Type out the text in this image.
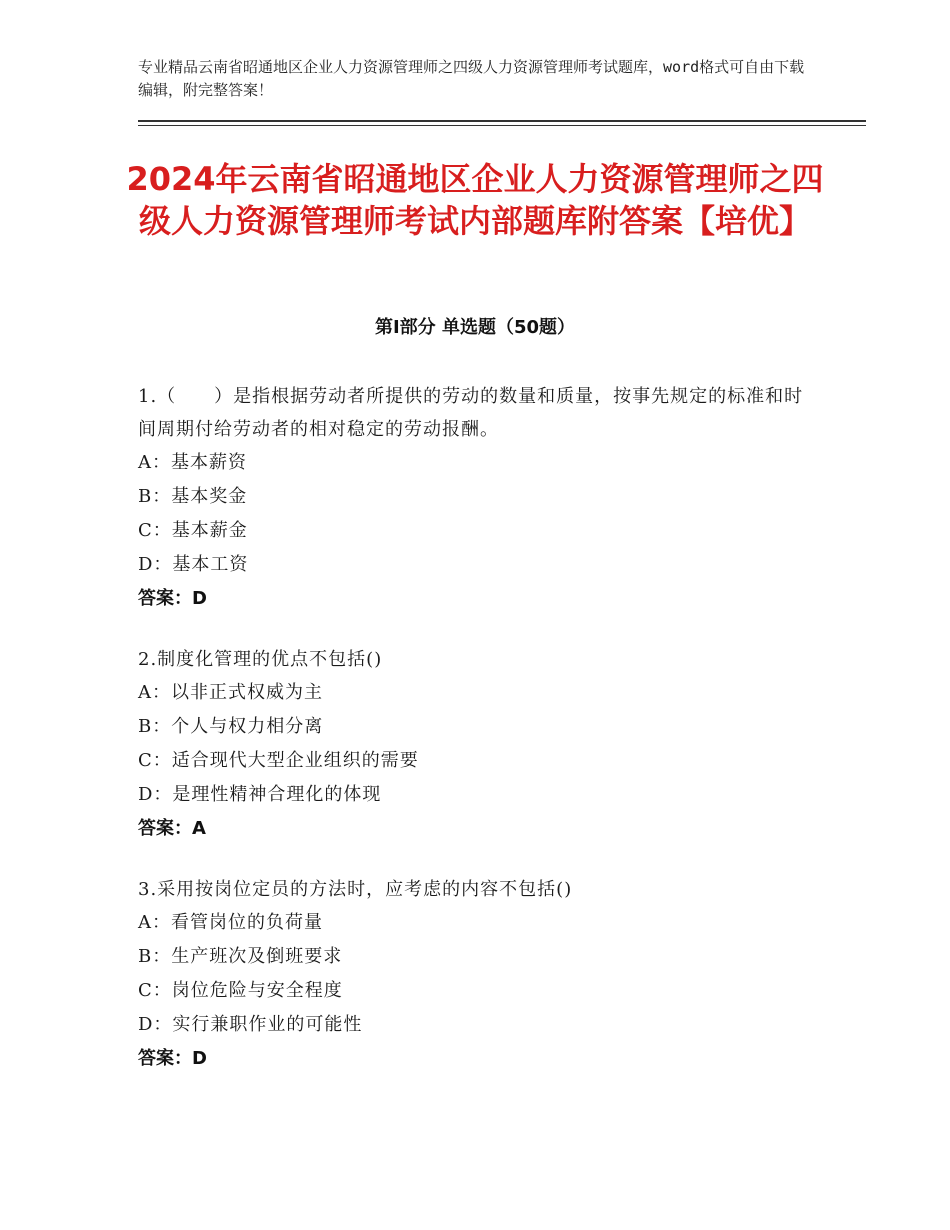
专业精品云南省昭通地区企业人力资源管理师之四级人力资源管理师考试题库，word格式可自由下载编辑，附完整答案！
2024年云南省昭通地区企业人力资源管理师之四级人力资源管理师考试内部题库附答案【培优】
第Ⅰ部分 单选题（50题）

1.（　　）是指根据劳动者所提供的劳动的数量和质量，按事先规定的标准和时间周期付给劳动者的相对稳定的劳动报酬。

A：基本薪资

B：基本奖金

C：基本薪金

D：基本工资

答案：D

2.制度化管理的优点不包括()

A：以非正式权威为主

B：个人与权力相分离

C：适合现代大型企业组织的需要

D：是理性精神合理化的体现

答案：A

3.采用按岗位定员的方法时，应考虑的内容不包括()

A：看管岗位的负荷量

B：生产班次及倒班要求

C：岗位危险与安全程度

D：实行兼职作业的可能性

答案：D
